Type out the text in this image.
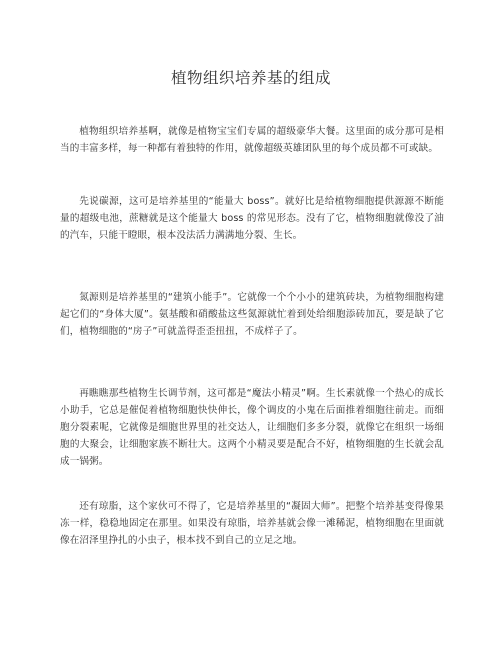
植物组织培养基的组成

植物组织培养基啊，就像是植物宝宝们专属的超级豪华大餐。这里面的成分那可是相当的丰富多样，每一种都有着独特的作用，就像超级英雄团队里的每个成员都不可或缺。

先说碳源，这可是培养基里的“能量大 boss”。就好比是给植物细胞提供源源不断能量的超级电池，蔗糖就是这个能量大 boss 的常见形态。没有了它，植物细胞就像没了油的汽车，只能干瞪眼，根本没法活力满满地分裂、生长。

氮源则是培养基里的“建筑小能手”。它就像一个个小小的建筑砖块，为植物细胞构建起它们的“身体大厦”。氨基酸和硝酸盐这些氮源就忙着到处给细胞添砖加瓦，要是缺了它们，植物细胞的“房子”可就盖得歪歪扭扭，不成样子了。

再瞧瞧那些植物生长调节剂，这可都是“魔法小精灵”啊。生长素就像一个热心的成长小助手，它总是催促着植物细胞快快伸长，像个调皮的小鬼在后面推着细胞往前走。而细胞分裂素呢，它就像是细胞世界里的社交达人，让细胞们多多分裂，就像它在组织一场细胞的大聚会，让细胞家族不断壮大。这两个小精灵要是配合不好，植物细胞的生长就会乱成一锅粥。

还有琼脂，这个家伙可不得了，它是培养基里的“凝固大师”。把整个培养基变得像果冻一样，稳稳地固定在那里。如果没有琼脂，培养基就会像一滩稀泥，植物细胞在里面就像在沼泽里挣扎的小虫子，根本找不到自己的立足之地。
